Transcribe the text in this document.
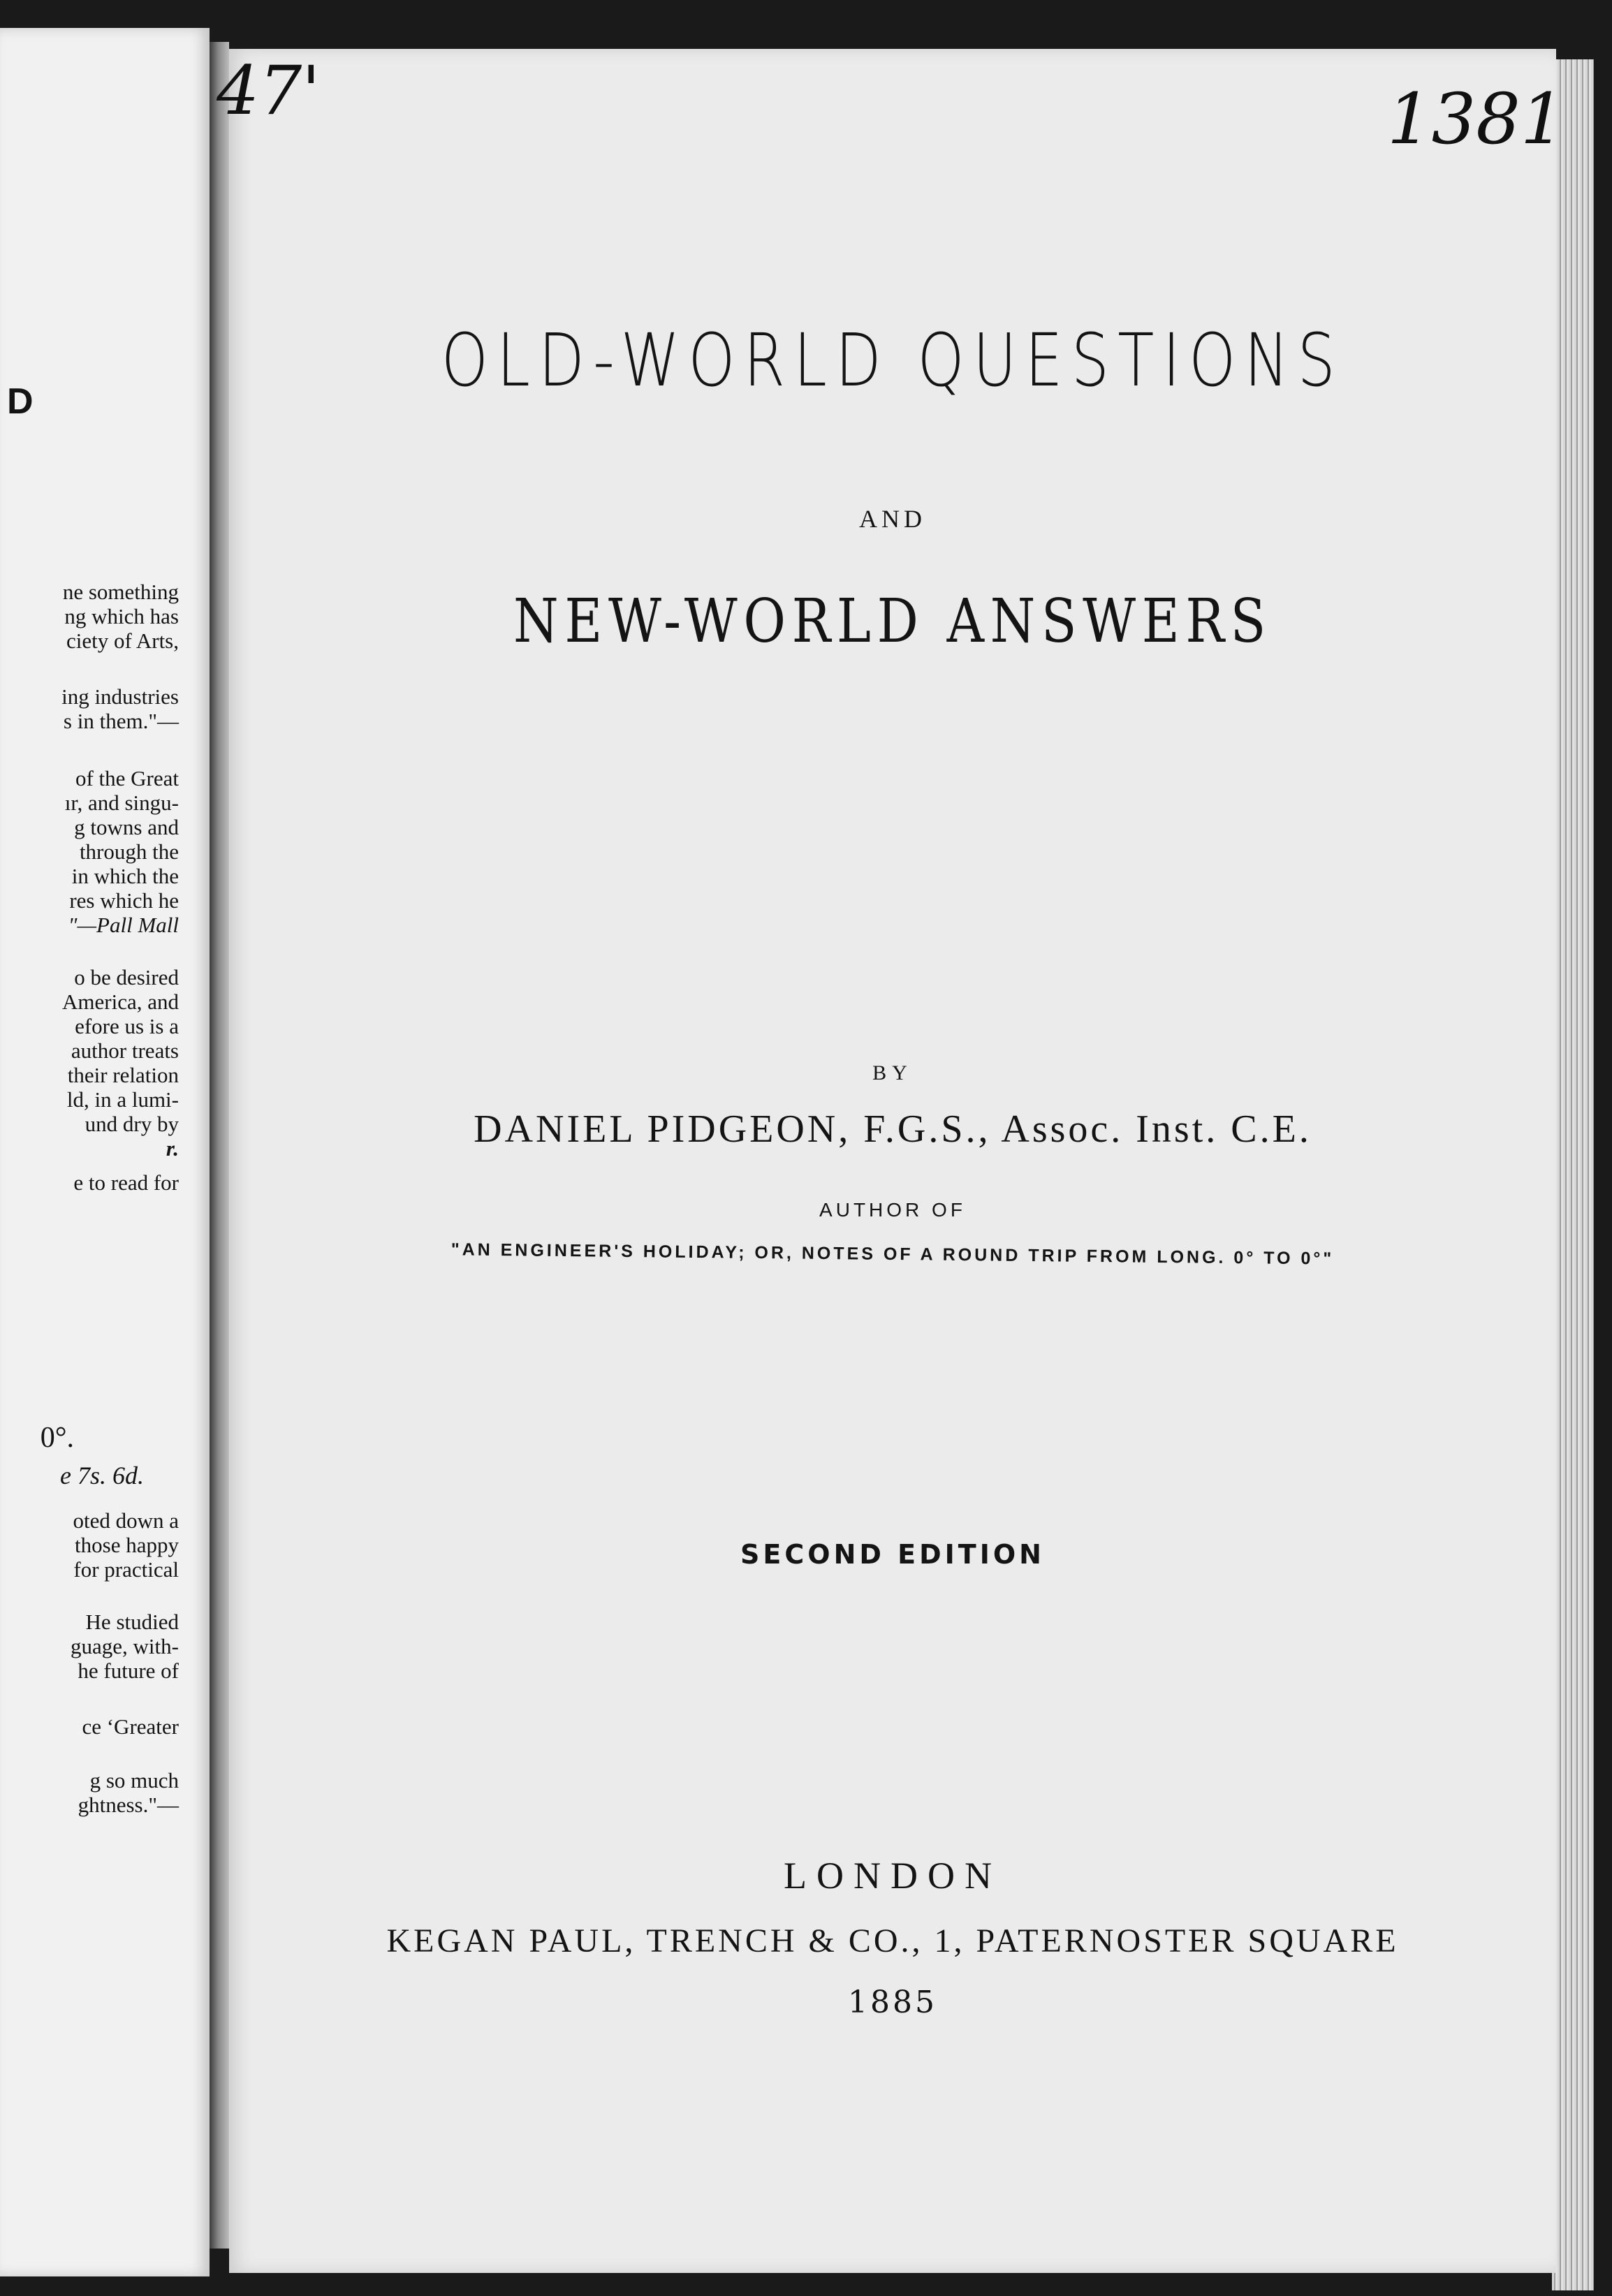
D
ne something
ng which has
ciety of Arts,
ing industries
s in them."—
of the Great
ır, and singu-
g towns and
through the
in which the
res which he
"—Pall Mall
o be desired
America, and
efore us is a
author treats
their relation
ld, in a lumi-
und dry by
r.
e to read for
0°.
e 7s. 6d.
oted down a
those happy
for practical
He studied
guage, with-
he future of
ce ‘Greater
g so much
ghtness."—
47'	1381
OLD-WORLD QUESTIONS
AND
NEW-WORLD ANSWERS
BY
DANIEL PIDGEON, F.G.S., Assoc. Inst. C.E.
AUTHOR OF
"AN ENGINEER'S HOLIDAY; OR, NOTES OF A ROUND TRIP FROM LONG. 0° TO 0°"
SECOND EDITION
LONDON
KEGAN PAUL, TRENCH & CO., 1, PATERNOSTER SQUARE
1885
